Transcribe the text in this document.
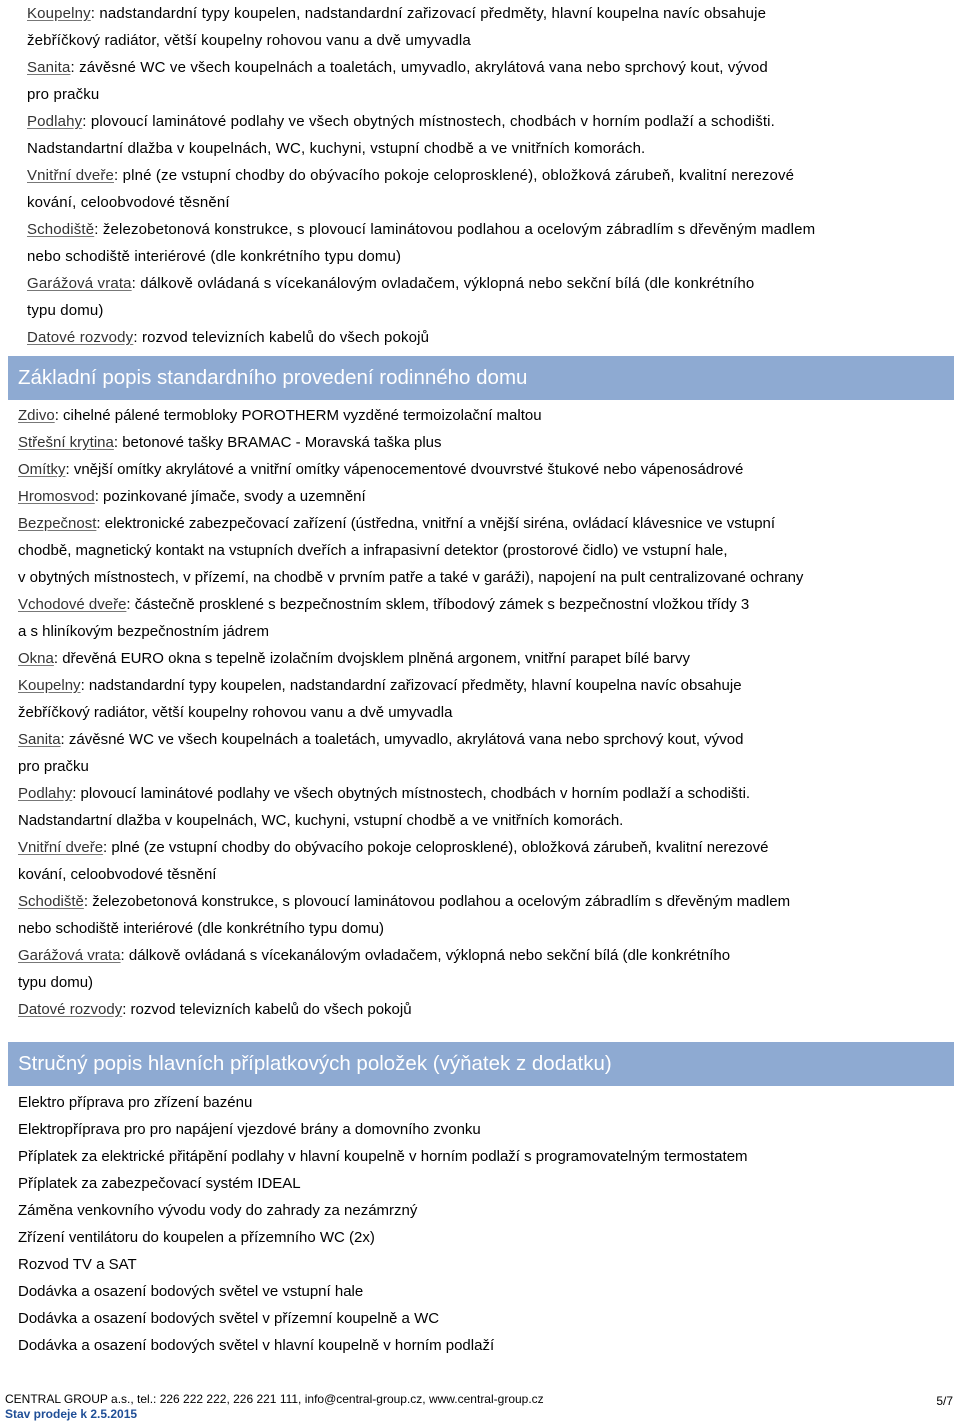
Koupelny: nadstandardní typy koupelen, nadstandardní zařizovací předměty, hlavní koupelna navíc obsahuje

žebříčkový radiátor, větší koupelny rohovou vanu a dvě umyvadla

Sanita: závěsné WC ve všech koupelnách a toaletách, umyvadlo, akrylátová vana nebo sprchový kout, vývod

pro pračku

Podlahy: plovoucí laminátové podlahy ve všech obytných místnostech, chodbách v horním podlaží a schodišti.

Nadstandartní dlažba v koupelnách, WC, kuchyni, vstupní chodbě a ve vnitřních komorách.

Vnitřní dveře: plné (ze vstupní chodby do obývacího pokoje celoprosklené), obložková zárubeň, kvalitní nerezové

kování, celoobvodové těsnění

Schodiště: železobetonová konstrukce, s plovoucí laminátovou podlahou a ocelovým zábradlím s dřevěným madlem

nebo schodiště interiérové (dle konkrétního typu domu)

Garážová vrata: dálkově ovládaná s vícekanálovým ovladačem, výklopná nebo sekční bílá (dle konkrétního

typu domu)

Datové rozvody: rozvod televizních kabelů do všech pokojů

Základní popis standardního provedení rodinného domu

Zdivo: cihelné pálené termobloky POROTHERM vyzděné termoizolační maltou

Střešní krytina: betonové tašky BRAMAC - Moravská taška plus

Omítky: vnější omítky akrylátové a vnitřní omítky vápenocementové dvouvrstvé štukové nebo vápenosádrové

Hromosvod: pozinkované jímače, svody a uzemnění

Bezpečnost: elektronické zabezpečovací zařízení (ústředna, vnitřní a vnější siréna, ovládací klávesnice ve vstupní

chodbě, magnetický kontakt na vstupních dveřích a infrapasivní detektor (prostorové čidlo) ve vstupní hale,

v obytných místnostech, v přízemí, na chodbě v prvním patře a také v garáži), napojení na pult centralizované ochrany

Vchodové dveře: částečně prosklené s bezpečnostním sklem, tříbodový zámek s bezpečnostní vložkou třídy 3

a s hliníkovým bezpečnostním jádrem

Okna: dřevěná EURO okna s tepelně izolačním dvojsklem plněná argonem, vnitřní parapet bílé barvy

Koupelny: nadstandardní typy koupelen, nadstandardní zařizovací předměty, hlavní koupelna navíc obsahuje

žebříčkový radiátor, větší koupelny rohovou vanu a dvě umyvadla

Sanita: závěsné WC ve všech koupelnách a toaletách, umyvadlo, akrylátová vana nebo sprchový kout, vývod

pro pračku

Podlahy: plovoucí laminátové podlahy ve všech obytných místnostech, chodbách v horním podlaží a schodišti.

Nadstandartní dlažba v koupelnách, WC, kuchyni, vstupní chodbě a ve vnitřních komorách.

Vnitřní dveře: plné (ze vstupní chodby do obývacího pokoje celoprosklené), obložková zárubeň, kvalitní nerezové

kování, celoobvodové těsnění

Schodiště: železobetonová konstrukce, s plovoucí laminátovou podlahou a ocelovým zábradlím s dřevěným madlem

nebo schodiště interiérové (dle konkrétního typu domu)

Garážová vrata: dálkově ovládaná s vícekanálovým ovladačem, výklopná nebo sekční bílá (dle konkrétního

typu domu)

Datové rozvody: rozvod televizních kabelů do všech pokojů

Stručný popis hlavních příplatkových položek (výňatek z dodatku)

Elektro příprava pro zřízení bazénu

Elektropříprava pro pro napájení vjezdové brány a domovního zvonku

Příplatek za elektrické přitápění podlahy v hlavní koupelně v horním podlaží s programovatelným termostatem

Příplatek za zabezpečovací systém IDEAL

Záměna venkovního vývodu vody do zahrady za nezámrzný

Zřízení ventilátoru do koupelen a přízemního WC (2x)

Rozvod TV a SAT

Dodávka a osazení bodových světel ve vstupní hale

Dodávka a osazení bodových světel v přízemní koupelně a WC

Dodávka a osazení bodových světel v hlavní koupelně v horním podlaží

CENTRAL GROUP a.s., tel.: 226 222 222, 226 221 111, info@central-group.cz, www.central-group.cz
Stav prodeje k 2.5.2015
5/7
